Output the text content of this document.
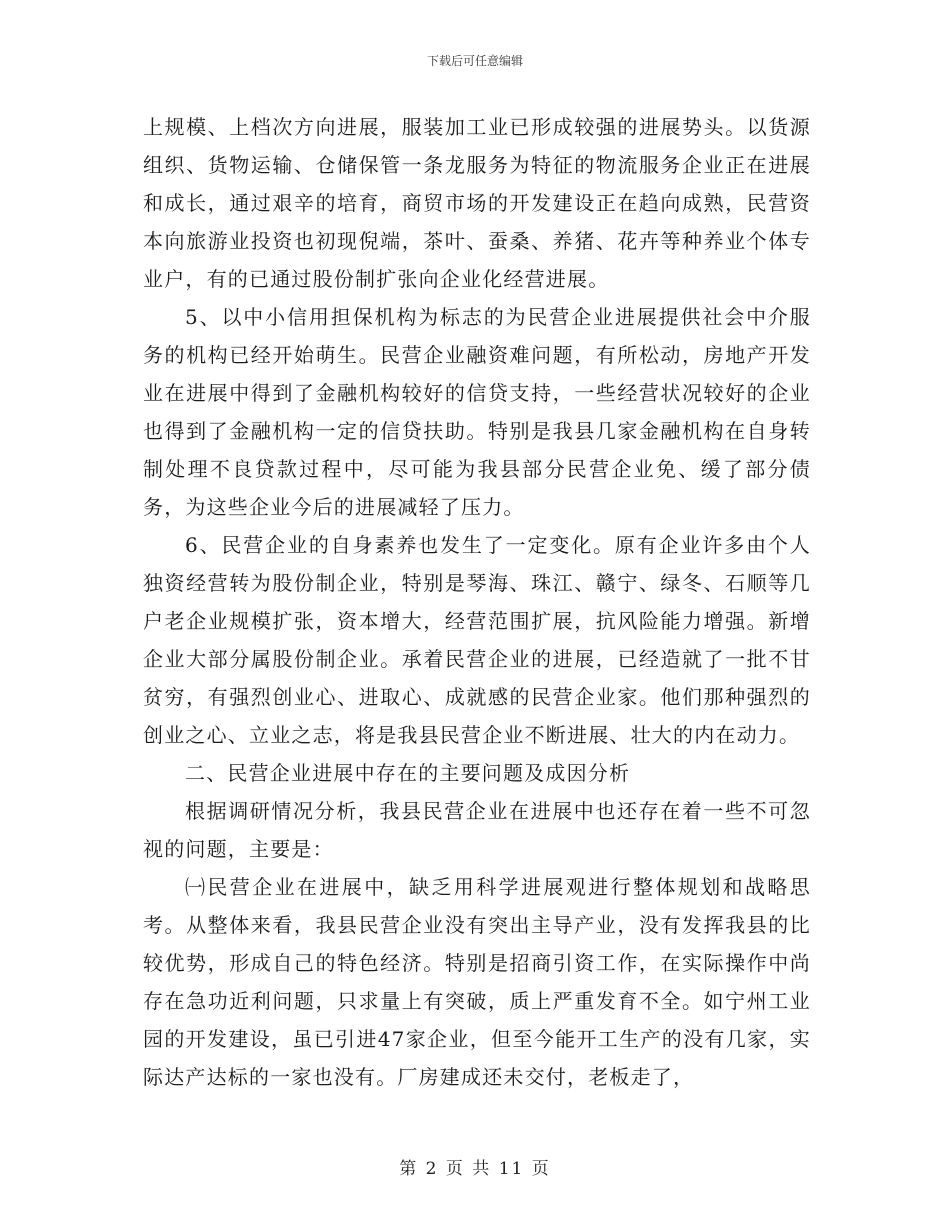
下载后可任意编辑

上规模、上档次方向进展，服装加工业已形成较强的进展势头。以货源组织、货物运输、仓储保管一条龙服务为特征的物流服务企业正在进展和成长，通过艰辛的培育，商贸市场的开发建设正在趋向成熟，民营资本向旅游业投资也初现倪端，茶叶、蚕桑、养猪、花卉等种养业个体专业户，有的已通过股份制扩张向企业化经营进展。

5、以中小信用担保机构为标志的为民营企业进展提供社会中介服务的机构已经开始萌生。民营企业融资难问题，有所松动，房地产开发业在进展中得到了金融机构较好的信贷支持，一些经营状况较好的企业也得到了金融机构一定的信贷扶助。特别是我县几家金融机构在自身转制处理不良贷款过程中，尽可能为我县部分民营企业免、缓了部分债务，为这些企业今后的进展减轻了压力。

6、民营企业的自身素养也发生了一定变化。原有企业许多由个人独资经营转为股份制企业，特别是琴海、珠江、赣宁、绿冬、石顺等几户老企业规模扩张，资本增大，经营范围扩展，抗风险能力增强。新增企业大部分属股份制企业。承着民营企业的进展，已经造就了一批不甘贫穷，有强烈创业心、进取心、成就感的民营企业家。他们那种强烈的创业之心、立业之志，将是我县民营企业不断进展、壮大的内在动力。

二、民营企业进展中存在的主要问题及成因分析

根据调研情况分析，我县民营企业在进展中也还存在着一些不可忽视的问题，主要是：

㈠民营企业在进展中，缺乏用科学进展观进行整体规划和战略思考。从整体来看，我县民营企业没有突出主导产业，没有发挥我县的比较优势，形成自己的特色经济。特别是招商引资工作，在实际操作中尚存在急功近利问题，只求量上有突破，质上严重发育不全。如宁州工业园的开发建设，虽已引进47家企业，但至今能开工生产的没有几家，实际达产达标的一家也没有。厂房建成还未交付，老板走了，

第 2 页 共 11 页
